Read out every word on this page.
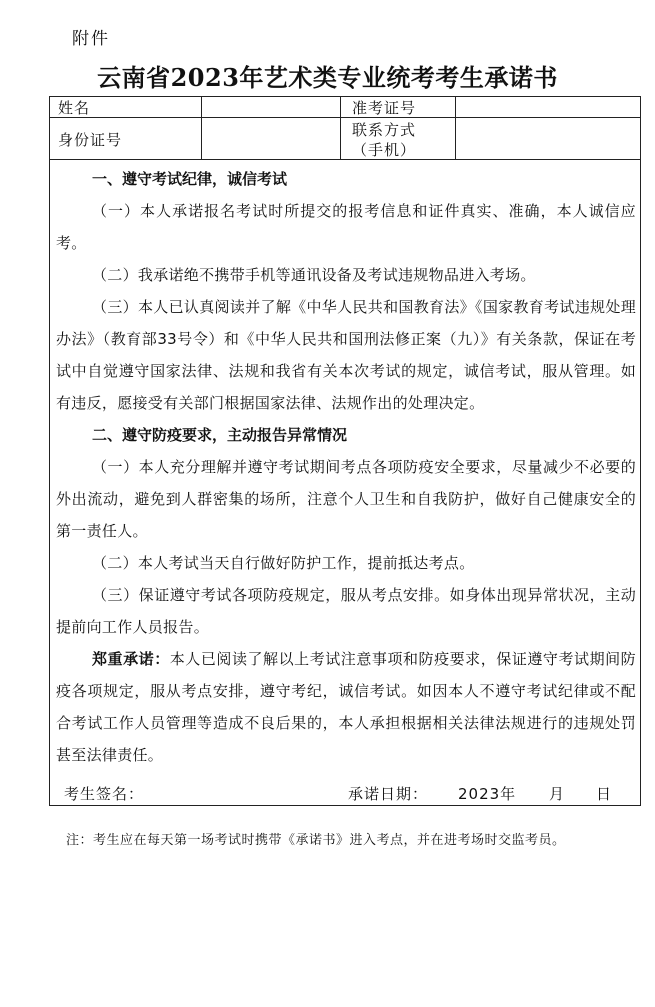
附件
云南省2023年艺术类专业统考考生承诺书
姓名	准考证号
身份证号
联系方式
（手机）

一、遵守考试纪律，诚信考试

（一）本人承诺报名考试时所提交的报考信息和证件真实、准确，本人诚信应考。

（二）我承诺绝不携带手机等通讯设备及考试违规物品进入考场。

（三）本人已认真阅读并了解《中华人民共和国教育法》《国家教育考试违规处理办法》（教育部33号令）和《中华人民共和国刑法修正案（九）》有关条款，保证在考试中自觉遵守国家法律、法规和我省有关本次考试的规定，诚信考试，服从管理。如有违反，愿接受有关部门根据国家法律、法规作出的处理决定。

二、遵守防疫要求，主动报告异常情况

（一）本人充分理解并遵守考试期间考点各项防疫安全要求，尽量减少不必要的外出流动，避免到人群密集的场所，注意个人卫生和自我防护，做好自己健康安全的第一责任人。

（二）本人考试当天自行做好防护工作，提前抵达考点。

（三）保证遵守考试各项防疫规定，服从考点安排。如身体出现异常状况，主动提前向工作人员报告。

郑重承诺：本人已阅读了解以上考试注意事项和防疫要求，保证遵守考试期间防疫各项规定，服从考点安排，遵守考纪，诚信考试。如因本人不遵守考试纪律或不配合考试工作人员管理等造成不良后果的，本人承担根据相关法律法规进行的违规处罚甚至法律责任。

考生签名：	承诺日期： 2023年 月 日
注：考生应在每天第一场考试时携带《承诺书》进入考点，并在进考场时交监考员。
